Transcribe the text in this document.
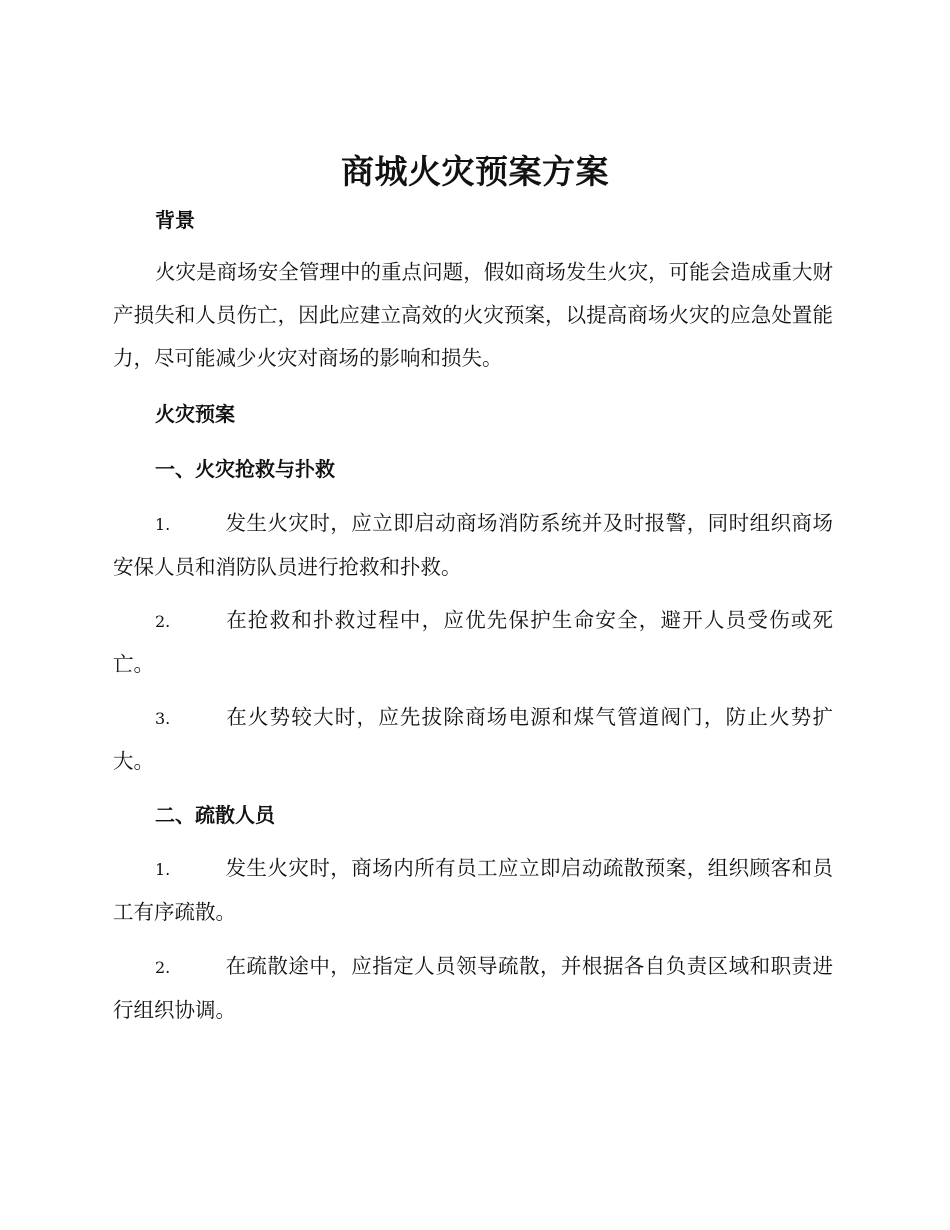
商城火灾预案方案
背景
火灾是商场安全管理中的重点问题，假如商场发生火灾，可能会造成重大财产损失和人员伤亡，因此应建立高效的火灾预案，以提高商场火灾的应急处置能力，尽可能减少火灾对商场的影响和损失。
火灾预案
一、火灾抢救与扑救
1.	发生火灾时，应立即启动商场消防系统并及时报警，同时组织商场安保人员和消防队员进行抢救和扑救。
2.	在抢救和扑救过程中，应优先保护生命安全，避开人员受伤或死亡。
3.	在火势较大时，应先拔除商场电源和煤气管道阀门，防止火势扩大。
二、疏散人员
1.	发生火灾时，商场内所有员工应立即启动疏散预案，组织顾客和员工有序疏散。
2.	在疏散途中，应指定人员领导疏散，并根据各自负责区域和职责进行组织协调。
